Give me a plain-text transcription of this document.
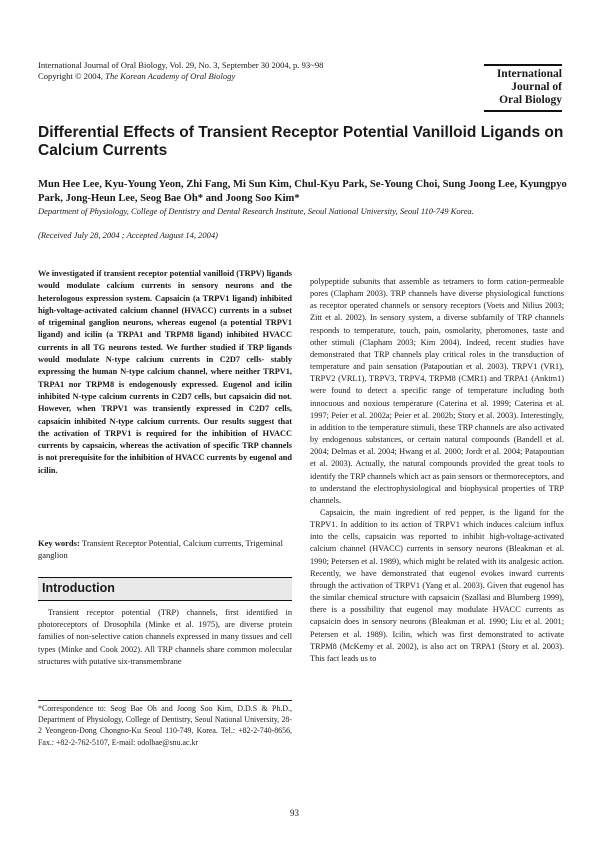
International Journal of Oral Biology, Vol. 29, No. 3, September 30 2004, p. 93~98
Copyright © 2004, The Korean Academy of Oral Biology	International
Journal of
Oral Biology
Differential Effects of Transient Receptor Potential Vanilloid Ligands on Calcium Currents
Mun Hee Lee, Kyu-Young Yeon, Zhi Fang, Mi Sun Kim, Chul-Kyu Park, Se-Young Choi, Sung Joong Lee, Kyungpyo Park, Jong-Heun Lee, Seog Bae Oh* and Joong Soo Kim*
Department of Physiology, College of Dentistry and Dental Research Institute, Seoul National University, Seoul 110-749 Korea.
(Received July 28, 2004 ; Accepted August 14, 2004)
We investigated if transient receptor potential vanilloid (TRPV) ligands would modulate calcium currents in sensory neurons and the heterologous expression system. Capsaicin (a TRPV1 ligand) inhibited high-voltage-activated calcium channel (HVACC) currents in a subset of trigeminal ganglion neurons, whereas eugenol (a potential TRPV1 ligand) and icilin (a TRPA1 and TRPM8 ligand) inhibited HVACC currents in all TG neurons tested. We further studied if TRP ligands would modulate N-type calcium currents in C2D7 cells- stably expressing the human N-type calcium channel, where neither TRPV1, TRPA1 nor TRPM8 is endogenously expressed. Eugenol and icilin inhibited N-type calcium currents in C2D7 cells, but capsaicin did not. However, when TRPV1 was transiently expressed in C2D7 cells, capsaicin inhibited N-type calcium currents. Our results suggest that the activation of TRPV1 is required for the inhibition of HVACC currents by capsaicin, whereas the activation of specific TRP channels is not prerequisite for the inhibition of HVACC currents by eugenol and icilin.
Key words: Transient Receptor Potential, Calcium currents, Trigeminal ganglion
Introduction
Transient receptor potential (TRP) channels, first identified in photoreceptors of Drosophila (Minke et al. 1975), are diverse protein families of non-selective cation channels expressed in many tissues and cell types (Minke and Cook 2002). All TRP channels share common molecular structures with putative six-transmembrane
*Correspondence to: Seog Bae Oh and Joong Soo Kim, D.D.S & Ph.D., Department of Physiology, College of Dentistry, Seoul National University, 28-2 Yeongeon-Dong Chongno-Ku Seoul 110-749, Korea. Tel.: +82-2-740-8656, Fax.: +82-2-762-5107, E-mail: odolbae@snu.ac.kr

polypeptide subunits that assemble as tetramers to form cation-permeable pores (Clapham 2003). TRP channels have diverse physiological functions as receptor operated channels or sensory receptors (Voets and Nilius 2003; Zitt et al. 2002). In sensory system, a diverse subfamily of TRP channels responds to temperature, touch, pain, osmolarity, pheromones, taste and other stimuli (Clapham 2003; Kim 2004). Indeed, recent studies have demonstrated that TRP channels play critical roles in the transduction of temperature and pain sensation (Patapoutian et al. 2003). TRPV1 (VR1), TRPV2 (VRL1), TRPV3, TRPV4, TRPM8 (CMR1) and TRPA1 (Anktm1) were found to detect a specific range of temperature including both innocuous and noxious temperature (Caterina et al. 1999; Caterina et al. 1997; Peier et al. 2002a; Peier et al. 2002b; Story et al. 2003). Interestingly, in addition to the temperature stimuli, these TRP channels are also activated by endogenous substances, or certain natural compounds (Bandell et al. 2004; Delmas et al. 2004; Hwang et al. 2000; Jordt et al. 2004; Patapoutian et al. 2003). Actually, the natural compounds provided the great tools to identify the TRP channels which act as pain sensors or thermoreceptors, and to understand the electrophysiological and biophysical properties of TRP channels.

Capsaicin, the main ingredient of red pepper, is the ligand for the TRPV1. In addition to its action of TRPV1 which induces calcium influx into the cells, capsaicin was reported to inhibit high-voltage-activated calcium channel (HVACC) currents in sensory neurons (Bleakman et al. 1990; Petersen et al. 1989), which might be related with its analgesic action. Recently, we have demonstrated that eugenol evokes inward currents through the activation of TRPV1 (Yang et al. 2003). Given that eugenol has the similar chemical structure with capsaicin (Szallasi and Blumberg 1999), there is a possibility that eugenol may modulate HVACC currents as capsaicin does in sensory neurons (Bleakman et al. 1990; Liu et al. 2001; Petersen et al. 1989). Icilin, which was first demonstrated to activate TRPM8 (McKemy et al. 2002), is also act on TRPA1 (Story et al. 2003). This fact leads us to

93
